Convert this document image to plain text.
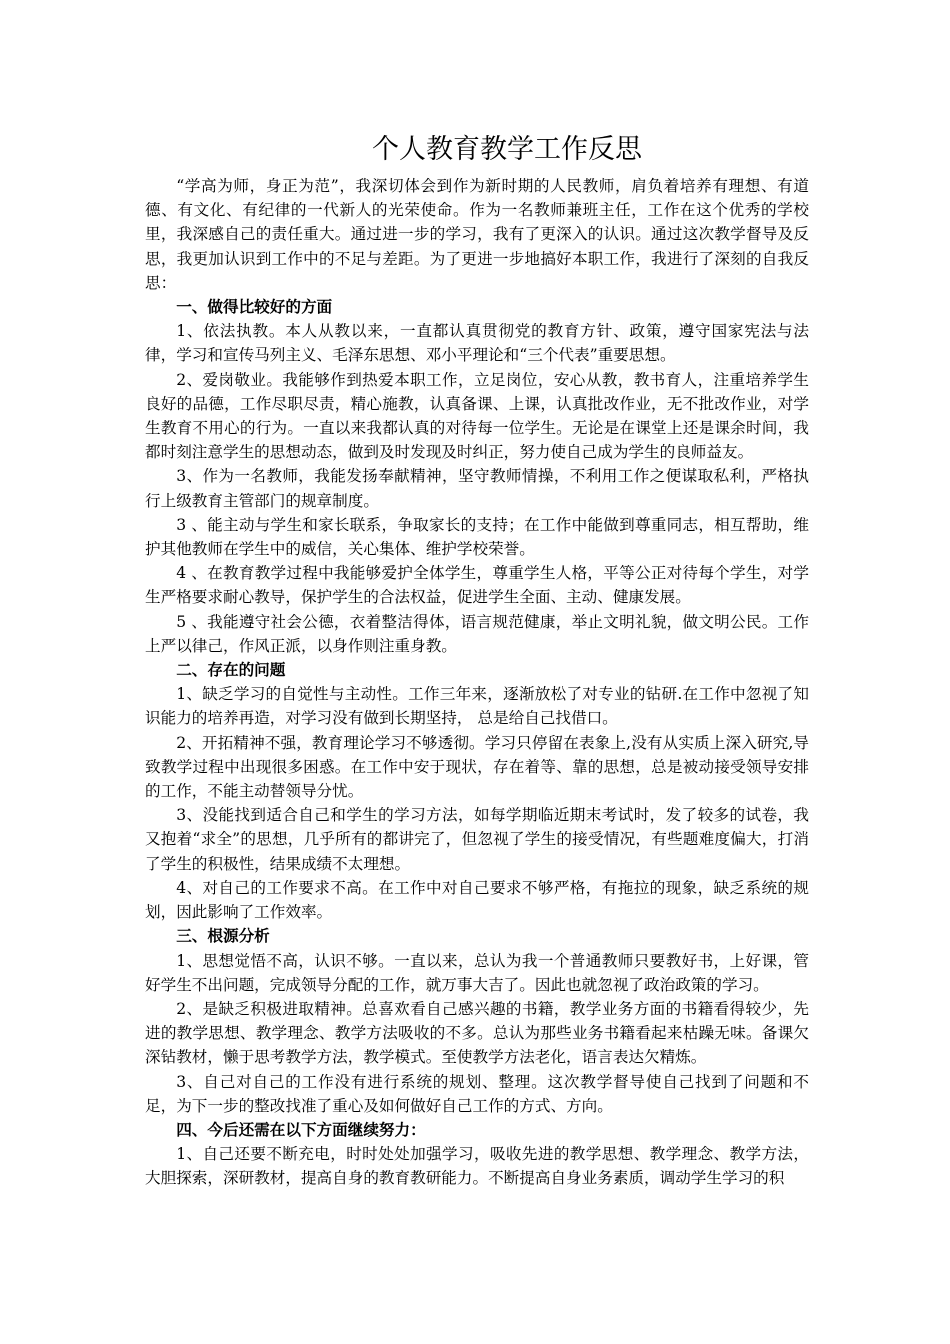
个人教育教学工作反思

“学高为师，身正为范”，我深切体会到作为新时期的人民教师，肩负着培养有理想、有道德、有文化、有纪律的一代新人的光荣使命。作为一名教师兼班主任，工作在这个优秀的学校里，我深感自己的责任重大。通过进一步的学习，我有了更深入的认识。通过这次教学督导及反思，我更加认识到工作中的不足与差距。为了更进一步地搞好本职工作，我进行了深刻的自我反思：

一、做得比较好的方面

1、依法执教。本人从教以来，一直都认真贯彻党的教育方针、政策，遵守国家宪法与法律，学习和宣传马列主义、毛泽东思想、邓小平理论和“三个代表”重要思想。

2、爱岗敬业。我能够作到热爱本职工作，立足岗位，安心从教，教书育人，注重培养学生良好的品德，工作尽职尽责，精心施教，认真备课、上课，认真批改作业，无不批改作业，对学生教育不用心的行为。一直以来我都认真的对待每一位学生。无论是在课堂上还是课余时间，我都时刻注意学生的思想动态，做到及时发现及时纠正，努力使自己成为学生的良师益友。

3、作为一名教师，我能发扬奉献精神，坚守教师情操，不利用工作之便谋取私利，严格执行上级教育主管部门的规章制度。

3 、能主动与学生和家长联系，争取家长的支持；在工作中能做到尊重同志，相互帮助，维护其他教师在学生中的威信，关心集体、维护学校荣誉。

4 、在教育教学过程中我能够爱护全体学生，尊重学生人格，平等公正对待每个学生，对学生严格要求耐心教导，保护学生的合法权益，促进学生全面、主动、健康发展。

5 、我能遵守社会公德，衣着整洁得体，语言规范健康，举止文明礼貌，做文明公民。工作上严以律己，作风正派，以身作则注重身教。

二、存在的问题

1、缺乏学习的自觉性与主动性。工作三年来，逐渐放松了对专业的钻研.在工作中忽视了知识能力的培养再造，对学习没有做到长期坚持， 总是给自己找借口。

2、开拓精神不强，教育理论学习不够透彻。学习只停留在表象上,没有从实质上深入研究,导致教学过程中出现很多困惑。在工作中安于现状，存在着等、靠的思想，总是被动接受领导安排的工作，不能主动替领导分忧。

3、没能找到适合自己和学生的学习方法，如每学期临近期末考试时，发了较多的试卷，我又抱着“求全”的思想，几乎所有的都讲完了，但忽视了学生的接受情况，有些题难度偏大，打消了学生的积极性，结果成绩不太理想。

4、对自己的工作要求不高。在工作中对自己要求不够严格，有拖拉的现象，缺乏系统的规划，因此影响了工作效率。

三、根源分析

1、思想觉悟不高，认识不够。一直以来，总认为我一个普通教师只要教好书，上好课，管好学生不出问题，完成领导分配的工作，就万事大吉了。因此也就忽视了政治政策的学习。

2、是缺乏积极进取精神。总喜欢看自己感兴趣的书籍，教学业务方面的书籍看得较少，先进的教学思想、教学理念、教学方法吸收的不多。总认为那些业务书籍看起来枯躁无味。备课欠深钻教材，懒于思考教学方法，教学模式。至使教学方法老化，语言表达欠精炼。

3、自己对自己的工作没有进行系统的规划、整理。这次教学督导使自己找到了问题和不足，为下一步的整改找准了重心及如何做好自己工作的方式、方向。

四、今后还需在以下方面继续努力：

1、自己还要不断充电，时时处处加强学习，吸收先进的教学思想、教学理念、教学方法，大胆探索，深研教材，提高自身的教育教研能力。不断提高自身业务素质，调动学生学习的积
